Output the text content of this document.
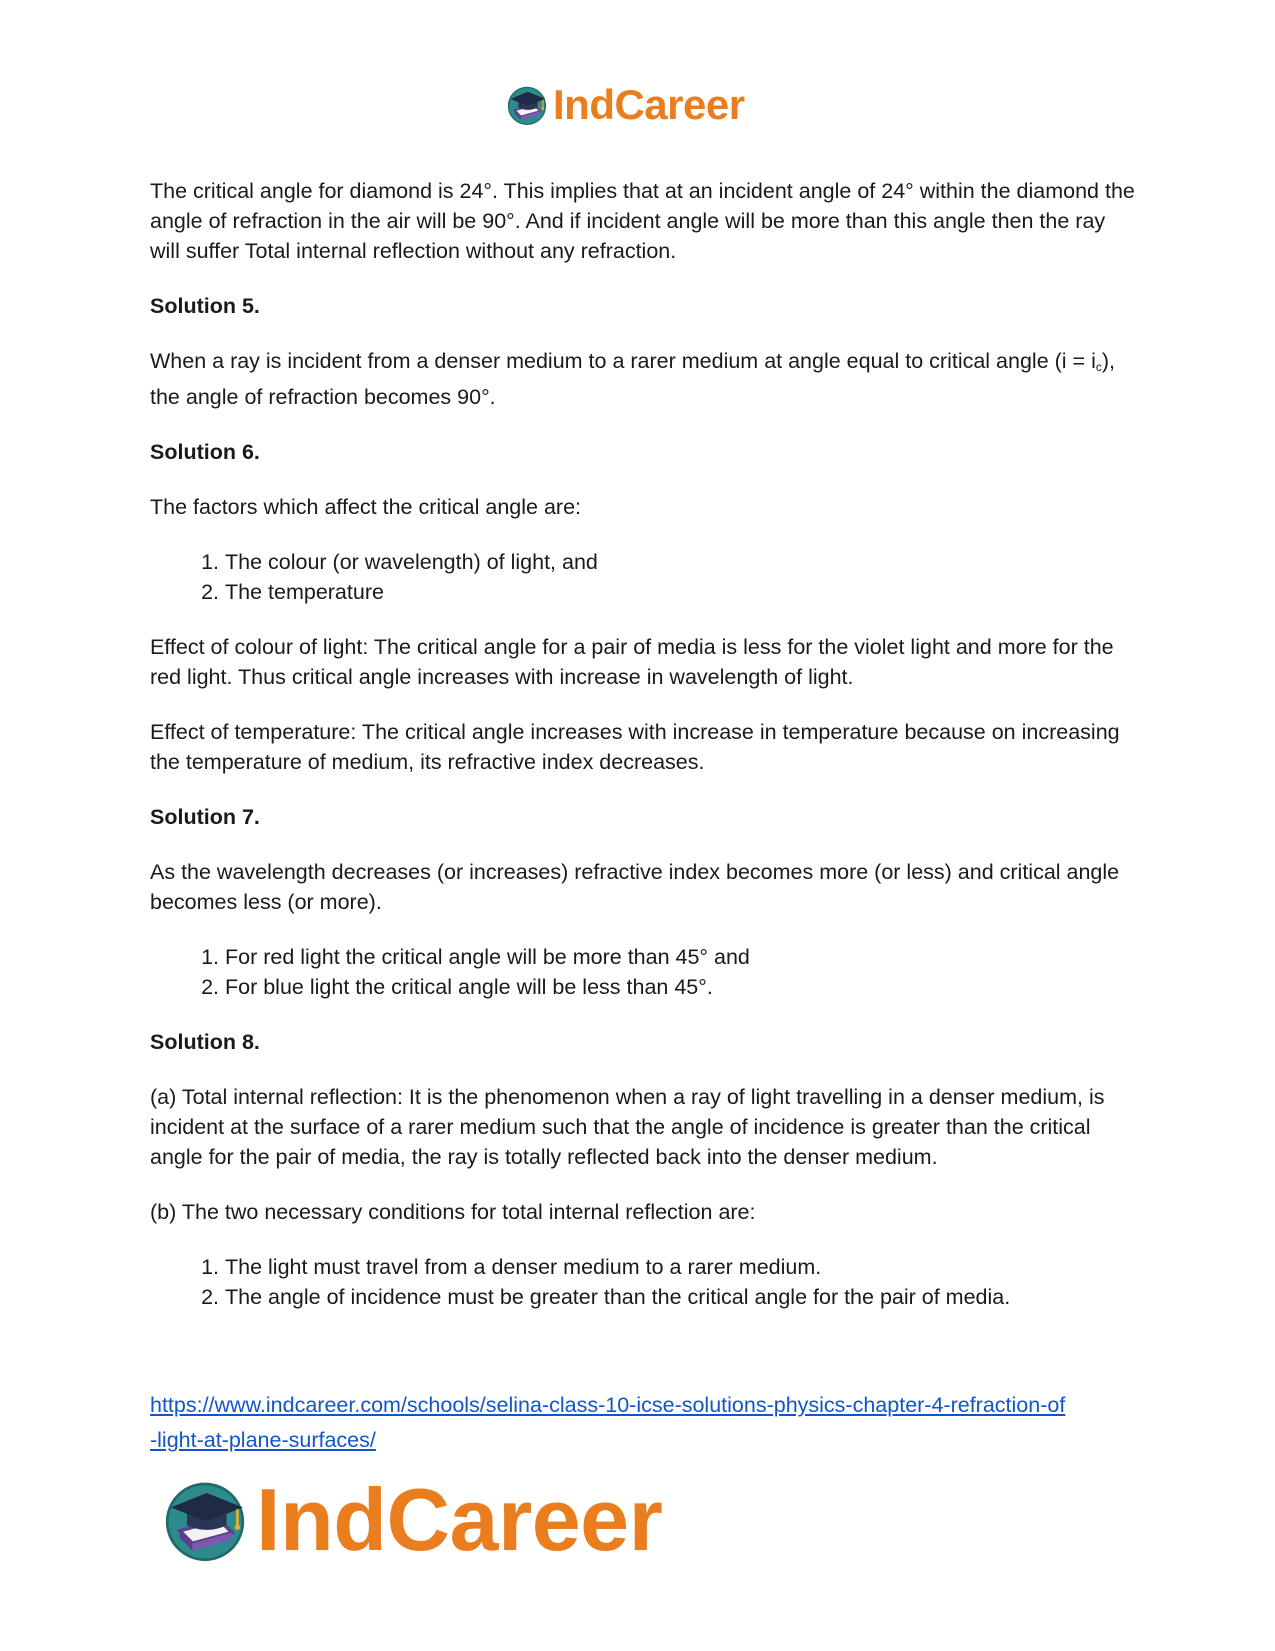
IndCareer

The critical angle for diamond is 24°. This implies that at an incident angle of 24° within the diamond the angle of refraction in the air will be 90°. And if incident angle will be more than this angle then the ray will suffer Total internal reflection without any refraction.

Solution 5.

When a ray is incident from a denser medium to a rarer medium at angle equal to critical angle $(i = i_c)$, the angle of refraction becomes 90°.

Solution 6.

The factors which affect the critical angle are:

1. The colour (or wavelength) of light, and
2. The temperature

Effect of colour of light: The critical angle for a pair of media is less for the violet light and more for the red light. Thus critical angle increases with increase in wavelength of light.

Effect of temperature: The critical angle increases with increase in temperature because on increasing the temperature of medium, its refractive index decreases.

Solution 7.

As the wavelength decreases (or increases) refractive index becomes more (or less) and critical angle becomes less (or more).

1. For red light the critical angle will be more than 45° and
2. For blue light the critical angle will be less than 45°.

Solution 8.

(a) Total internal reflection: It is the phenomenon when a ray of light travelling in a denser medium, is incident at the surface of a rarer medium such that the angle of incidence is greater than the critical angle for the pair of media, the ray is totally reflected back into the denser medium.

(b) The two necessary conditions for total internal reflection are:

1. The light must travel from a denser medium to a rarer medium.
2. The angle of incidence must be greater than the critical angle for the pair of media.
https://www.indcareer.com/schools/selina-class-10-icse-solutions-physics-chapter-4-refraction-of
-light-at-plane-surfaces/
IndCareer
